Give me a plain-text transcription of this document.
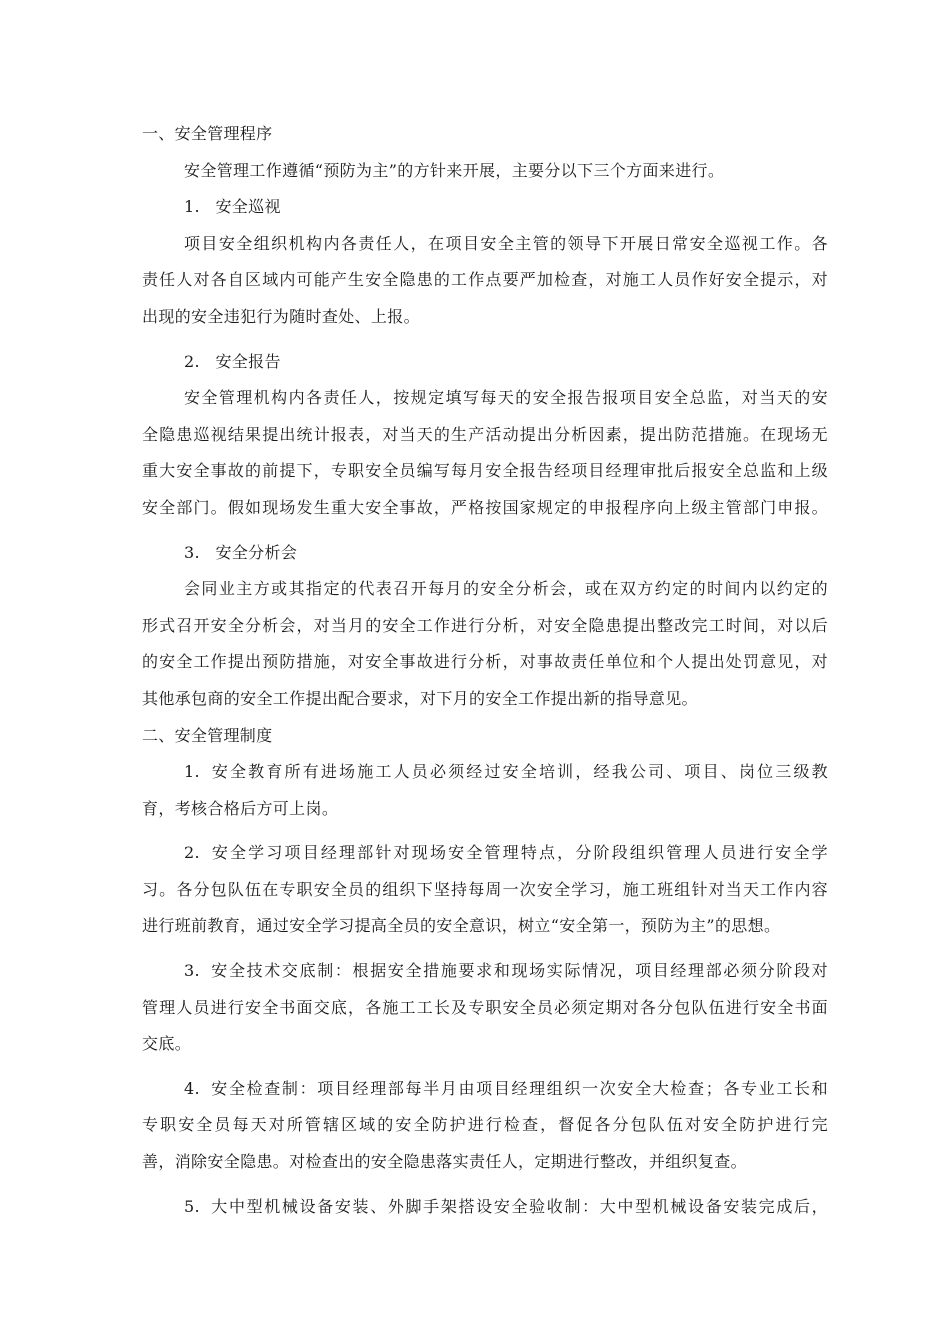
一、安全管理程序
安全管理工作遵循“预防为主”的方针来开展，主要分以下三个方面来进行。
1. 安全巡视
项目安全组织机构内各责任人，在项目安全主管的领导下开展日常安全巡视工作。各
责任人对各自区域内可能产生安全隐患的工作点要严加检查，对施工人员作好安全提示，对
出现的安全违犯行为随时查处、上报。
2. 安全报告
安全管理机构内各责任人，按规定填写每天的安全报告报项目安全总监，对当天的安
全隐患巡视结果提出统计报表，对当天的生产活动提出分析因素，提出防范措施。在现场无
重大安全事故的前提下，专职安全员编写每月安全报告经项目经理审批后报安全总监和上级
安全部门。假如现场发生重大安全事故，严格按国家规定的申报程序向上级主管部门申报。
3. 安全分析会
会同业主方或其指定的代表召开每月的安全分析会，或在双方约定的时间内以约定的
形式召开安全分析会，对当月的安全工作进行分析，对安全隐患提出整改完工时间，对以后
的安全工作提出预防措施，对安全事故进行分析，对事故责任单位和个人提出处罚意见，对
其他承包商的安全工作提出配合要求，对下月的安全工作提出新的指导意见。
二、安全管理制度
1. 安全教育所有进场施工人员必须经过安全培训，经我公司、项目、岗位三级教
育，考核合格后方可上岗。
2. 安全学习项目经理部针对现场安全管理特点，分阶段组织管理人员进行安全学
习。各分包队伍在专职安全员的组织下坚持每周一次安全学习，施工班组针对当天工作内容
进行班前教育，通过安全学习提高全员的安全意识，树立“安全第一，预防为主”的思想。
3. 安全技术交底制：根据安全措施要求和现场实际情况，项目经理部必须分阶段对
管理人员进行安全书面交底，各施工工长及专职安全员必须定期对各分包队伍进行安全书面
交底。
4. 安全检查制：项目经理部每半月由项目经理组织一次安全大检查；各专业工长和
专职安全员每天对所管辖区域的安全防护进行检查，督促各分包队伍对安全防护进行完
善，消除安全隐患。对检查出的安全隐患落实责任人，定期进行整改，并组织复查。
5. 大中型机械设备安装、外脚手架搭设安全验收制：大中型机械设备安装完成后，
